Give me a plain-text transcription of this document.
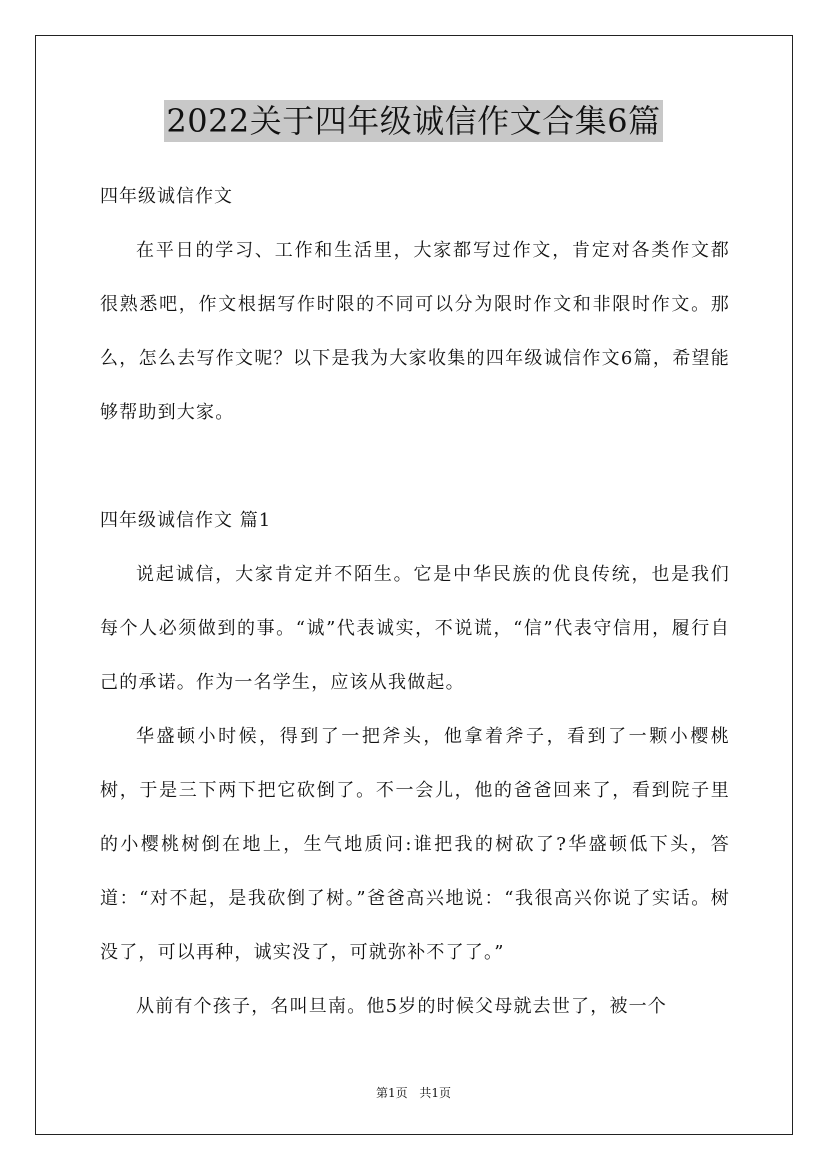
2022关于四年级诚信作文合集6篇

四年级诚信作文

在平日的学习、工作和生活里，大家都写过作文，肯定对各类作文都很熟悉吧，作文根据写作时限的不同可以分为限时作文和非限时作文。那么，怎么去写作文呢？以下是我为大家收集的四年级诚信作文6篇，希望能够帮助到大家。

四年级诚信作文 篇1

说起诚信，大家肯定并不陌生。它是中华民族的优良传统，也是我们每个人必须做到的事。“诚”代表诚实，不说谎，“信”代表守信用，履行自己的承诺。作为一名学生，应该从我做起。

华盛顿小时候，得到了一把斧头，他拿着斧子，看到了一颗小樱桃树，于是三下两下把它砍倒了。不一会儿，他的爸爸回来了，看到院子里的小樱桃树倒在地上，生气地质问:谁把我的树砍了?华盛顿低下头，答道：“对不起，是我砍倒了树。”爸爸高兴地说：“我很高兴你说了实话。树没了，可以再种，诚实没了，可就弥补不了了。”

从前有个孩子，名叫旦南。他5岁的时候父母就去世了，被一个

第1页 共1页
